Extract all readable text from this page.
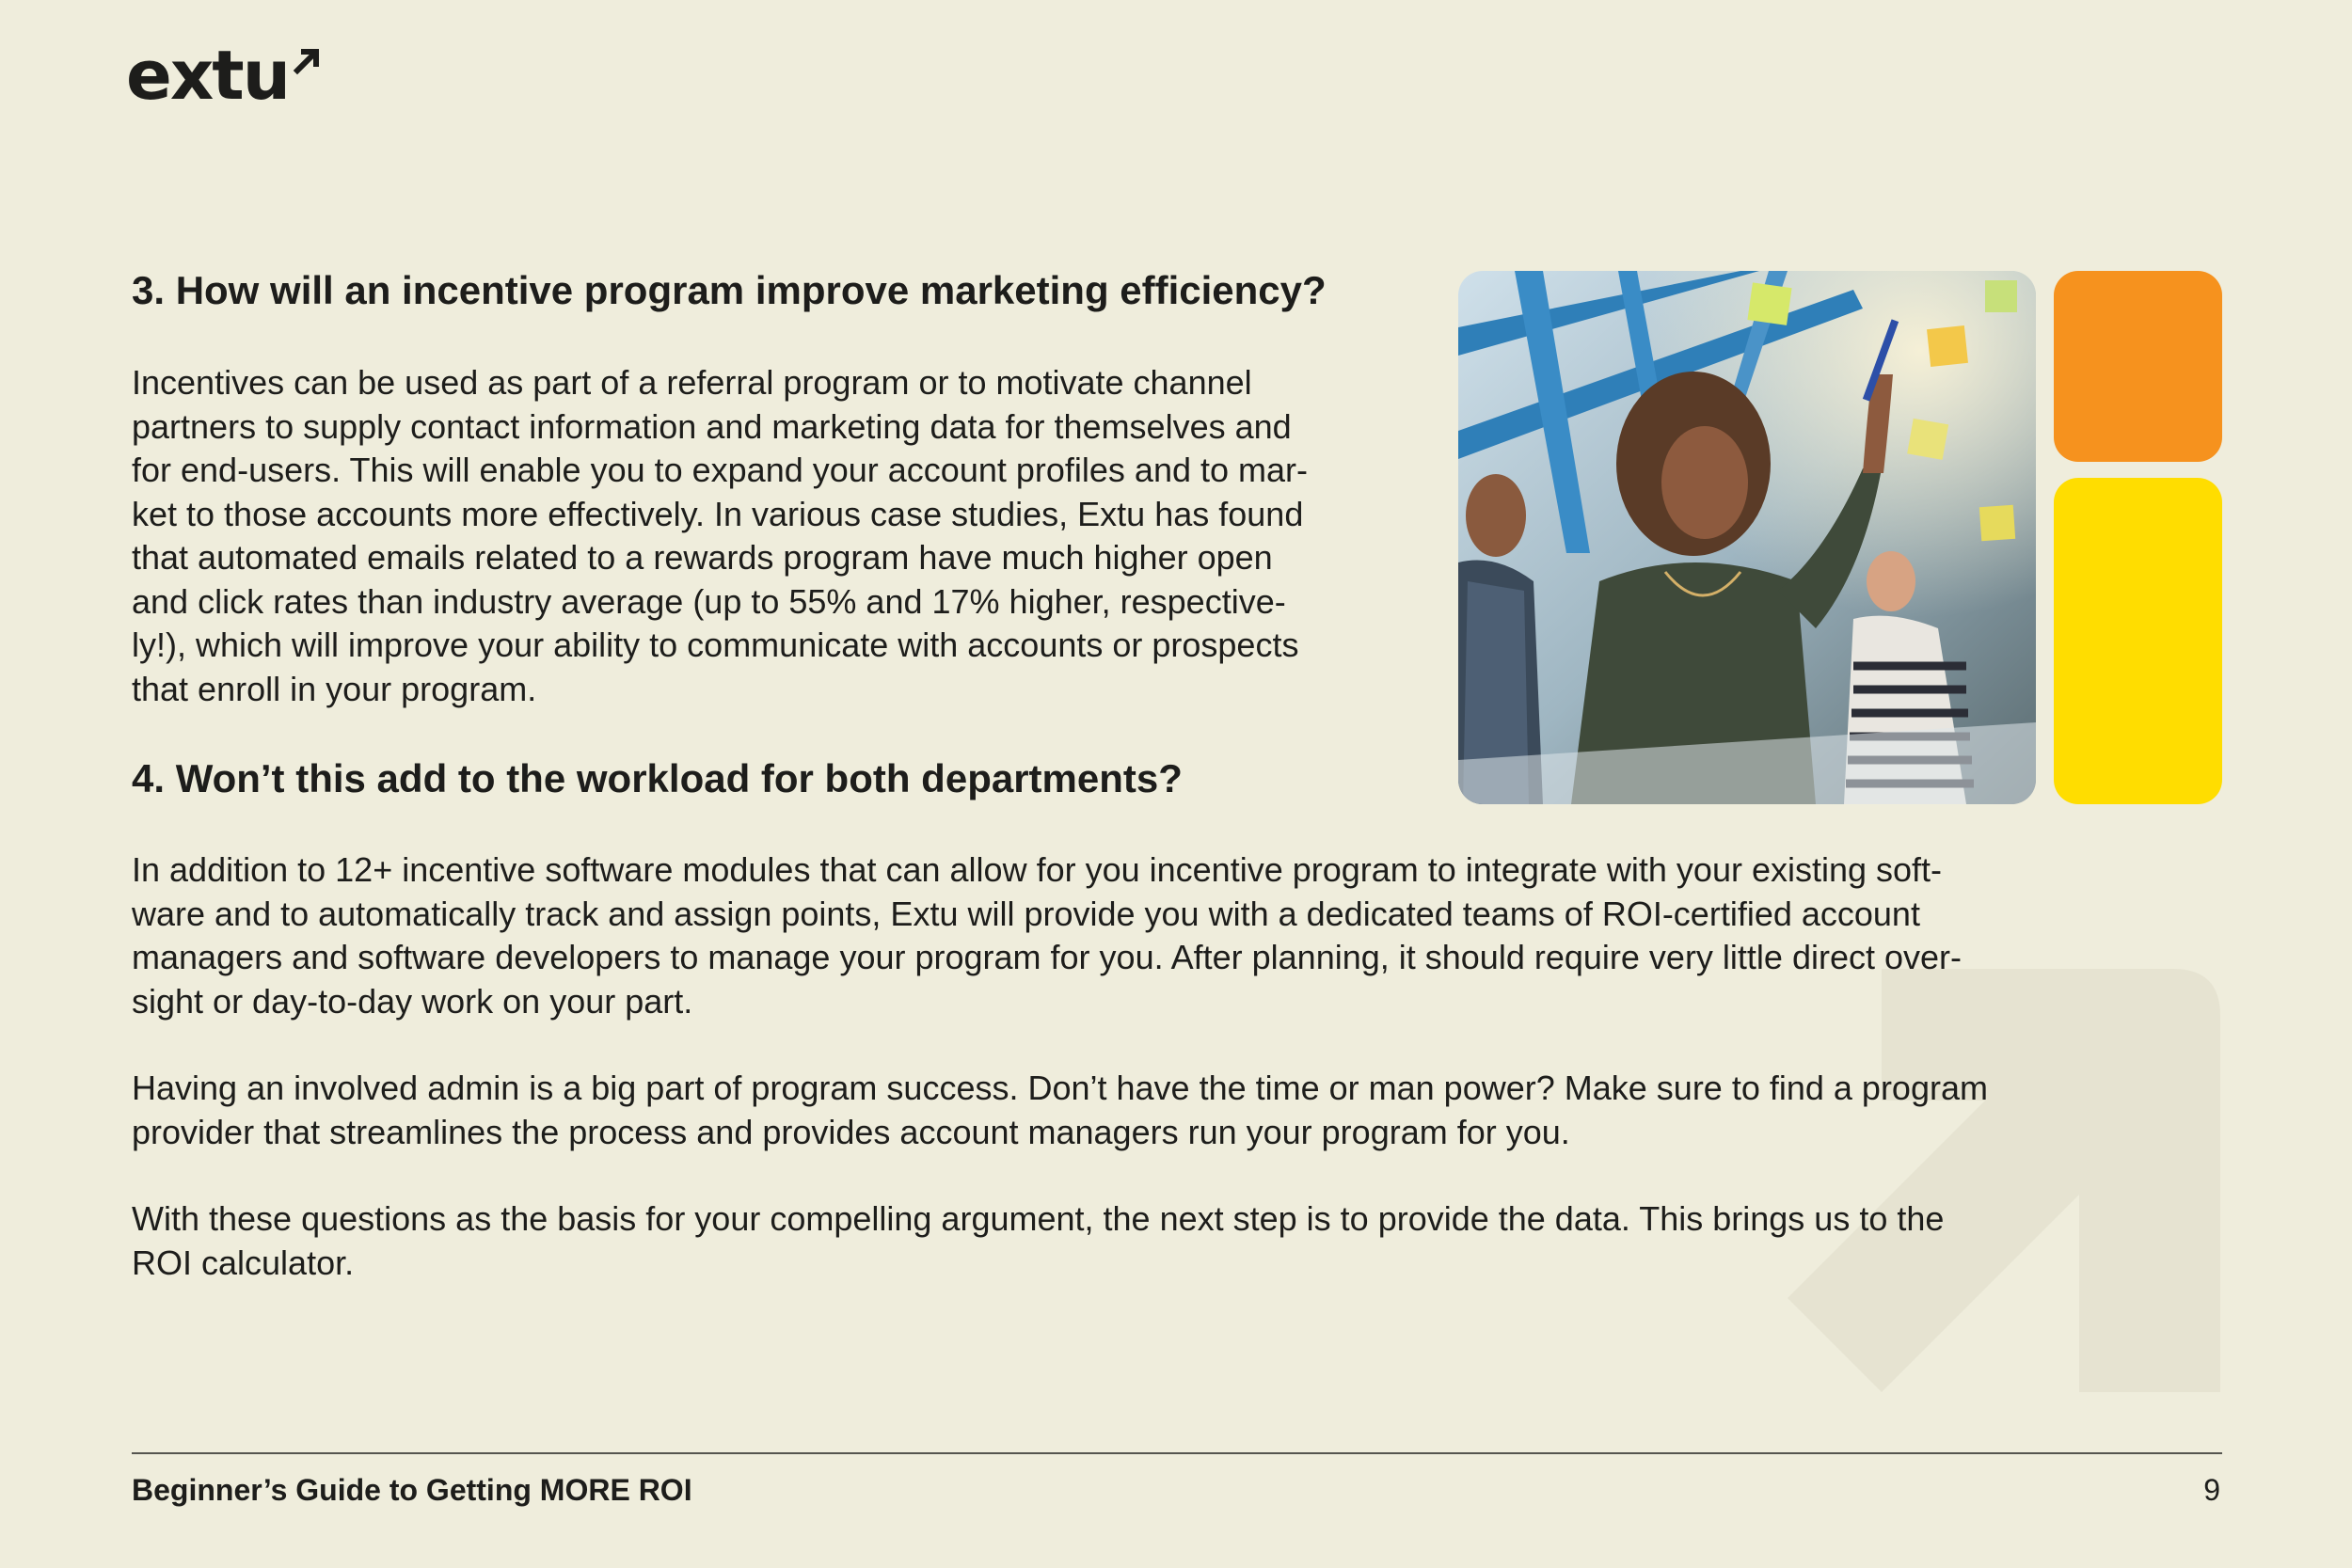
extu
3. How will an incentive program improve marketing efficiency?

Incentives can be used as part of a referral program or to motivate channel
partners to supply contact information and marketing data for themselves and
for end-users. This will enable you to expand your account profiles and to mar-
ket to those accounts more effectively. In various case studies, Extu has found
that automated emails related to a rewards program have much higher open
and click rates than industry average (up to 55% and 17% higher, respective-
ly!), which will improve your ability to communicate with accounts or prospects
that enroll in your program.

4. Won’t this add to the workload for both departments?

In addition to 12+ incentive software modules that can allow for you incentive program to integrate with your existing soft-
ware and to automatically track and assign points, Extu will provide you with a dedicated teams of ROI-certified account
managers and software developers to manage your program for you. After planning, it should require very little direct over-
sight or day-to-day work on your part.

Having an involved admin is a big part of program success. Don’t have the time or man power? Make sure to find a program
provider that streamlines the process and provides account managers run your program for you.

With these questions as the basis for your compelling argument, the next step is to provide the data. This brings us to the
ROI calculator.

Beginner’s Guide to Getting MORE ROI	9
